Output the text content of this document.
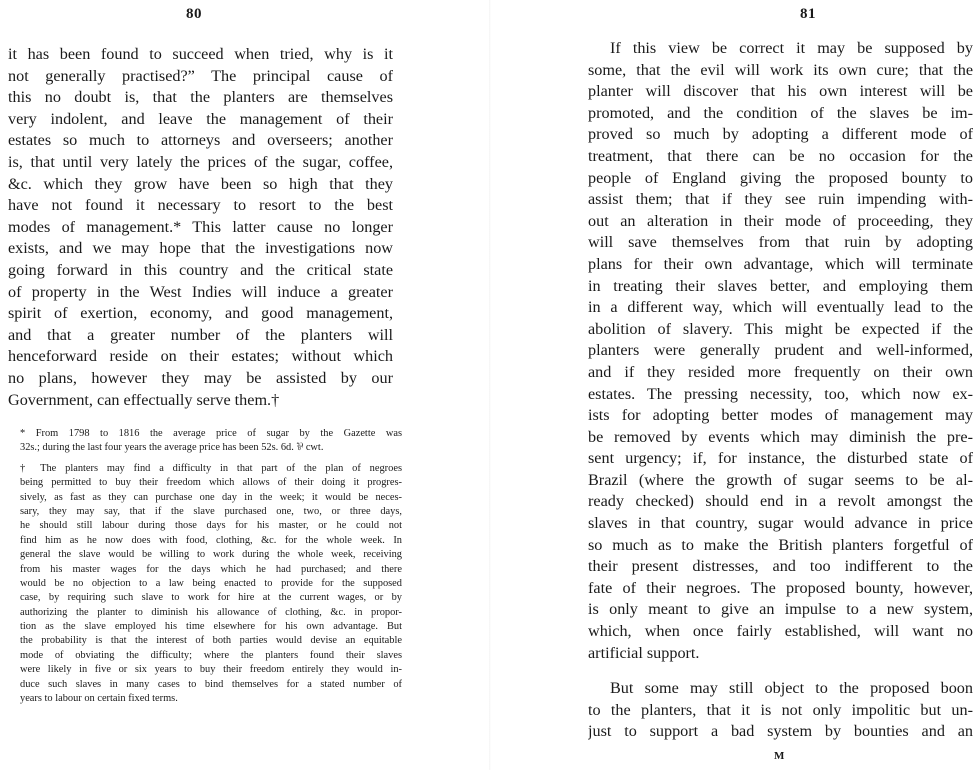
80
it has been found to succeed when tried, why is it
not generally practised?” The principal cause of
this no doubt is, that the planters are themselves
very indolent, and leave the management of their
estates so much to attorneys and overseers; another
is, that until very lately the prices of the sugar, coffee,
&c. which they grow have been so high that they
have not found it necessary to resort to the best
modes of management.* This latter cause no longer
exists, and we may hope that the investigations now
going forward in this country and the critical state
of property in the West Indies will induce a greater
spirit of exertion, economy, and good management,
and that a greater number of the planters will
henceforward reside on their estates; without which
no plans, however they may be assisted by our
Government, can effectually serve them.†
* From 1798 to 1816 the average price of sugar by the Gazette was
32s.; during the last four years the average price has been 52s. 6d. ⅌ cwt.
† The planters may find a difficulty in that part of the plan of negroes
being permitted to buy their freedom which allows of their doing it progres-
sively, as fast as they can purchase one day in the week; it would be neces-
sary, they may say, that if the slave purchased one, two, or three days,
he should still labour during those days for his master, or he could not
find him as he now does with food, clothing, &c. for the whole week. In
general the slave would be willing to work during the whole week, receiving
from his master wages for the days which he had purchased; and there
would be no objection to a law being enacted to provide for the supposed
case, by requiring such slave to work for hire at the current wages, or by
authorizing the planter to diminish his allowance of clothing, &c. in propor-
tion as the slave employed his time elsewhere for his own advantage. But
the probability is that the interest of both parties would devise an equitable
mode of obviating the difficulty; where the planters found their slaves
were likely in five or six years to buy their freedom entirely they would in-
duce such slaves in many cases to bind themselves for a stated number of
years to labour on certain fixed terms.
81
If this view be correct it may be supposed by
some, that the evil will work its own cure; that the
planter will discover that his own interest will be
promoted, and the condition of the slaves be im-
proved so much by adopting a different mode of
treatment, that there can be no occasion for the
people of England giving the proposed bounty to
assist them; that if they see ruin impending with-
out an alteration in their mode of proceeding, they
will save themselves from that ruin by adopting
plans for their own advantage, which will terminate
in treating their slaves better, and employing them
in a different way, which will eventually lead to the
abolition of slavery. This might be expected if the
planters were generally prudent and well-informed,
and if they resided more frequently on their own
estates. The pressing necessity, too, which now ex-
ists for adopting better modes of management may
be removed by events which may diminish the pre-
sent urgency; if, for instance, the disturbed state of
Brazil (where the growth of sugar seems to be al-
ready checked) should end in a revolt amongst the
slaves in that country, sugar would advance in price
so much as to make the British planters forgetful of
their present distresses, and too indifferent to the
fate of their negroes. The proposed bounty, however,
is only meant to give an impulse to a new system,
which, when once fairly established, will want no
artificial support.
But some may still object to the proposed boon
to the planters, that it is not only impolitic but un-
just to support a bad system by bounties and an
M
